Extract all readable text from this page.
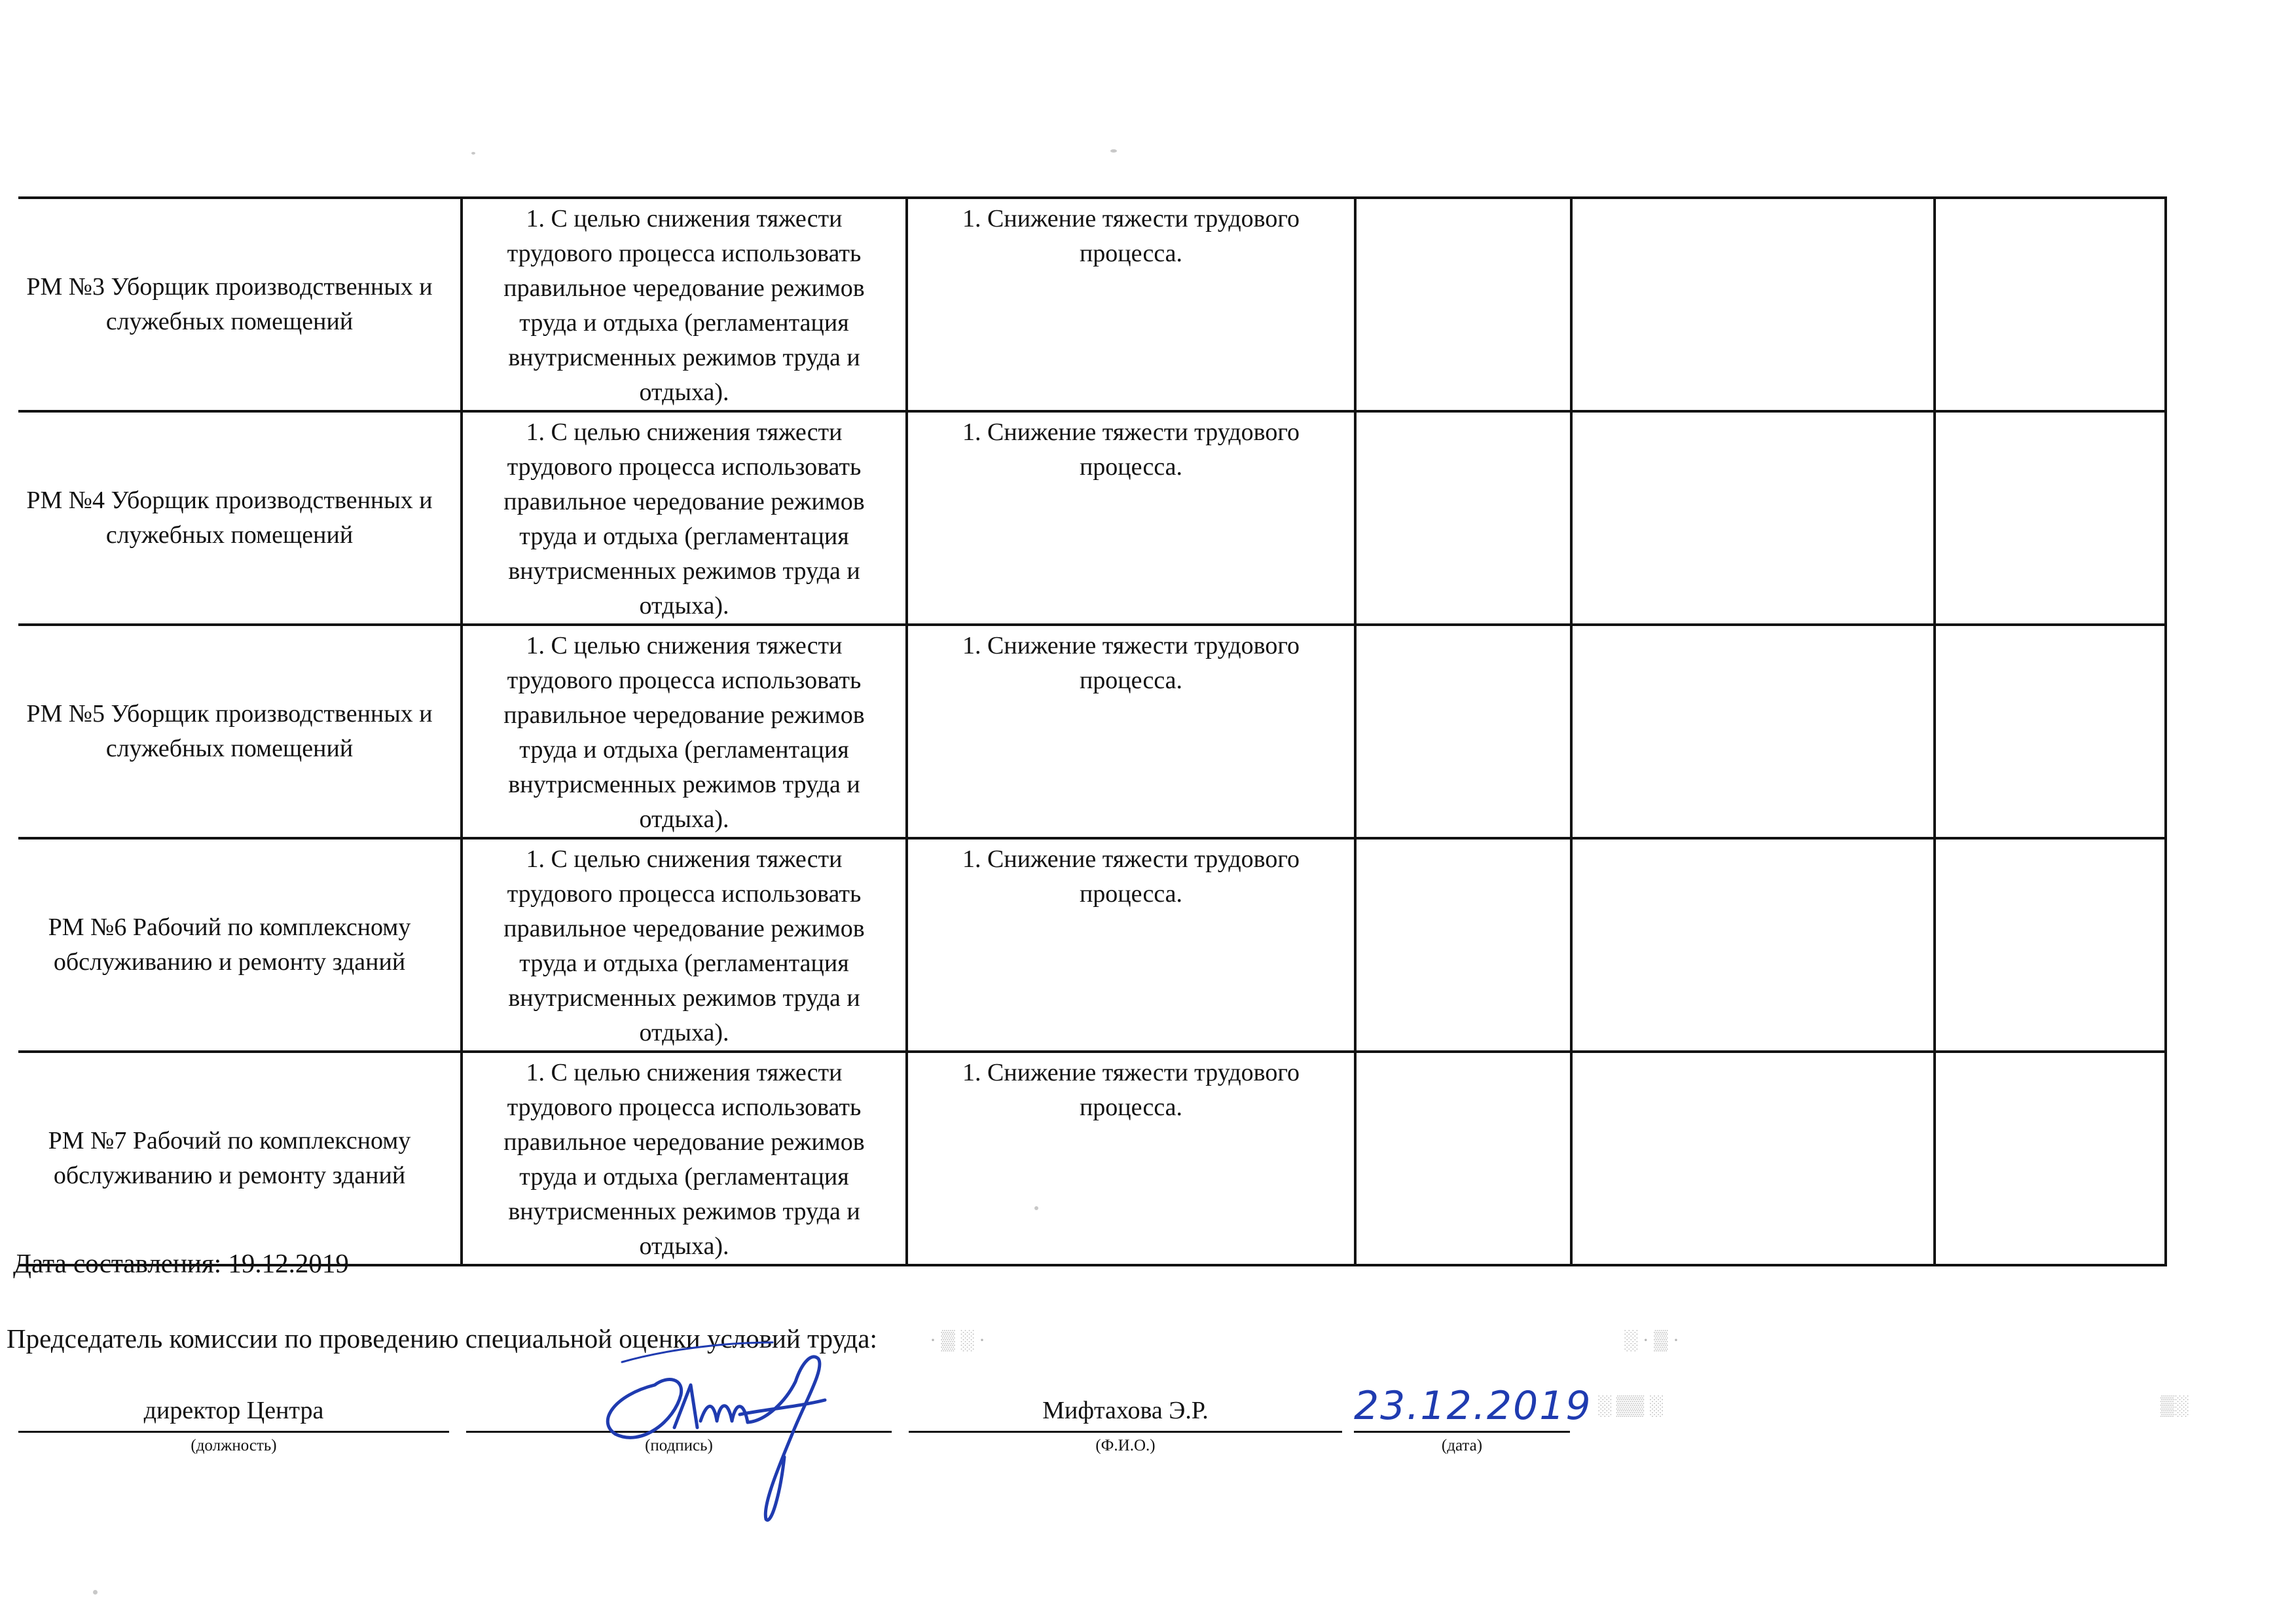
РМ №3 Уборщик производственных и служебных помещений	1. С целью снижения тяжести трудового процесса использовать правильное чередование режимов труда и отдыха (регламентация внутрисменных режимов труда и отдыха).	1. Снижение тяжести трудового процесса.			

РМ №4 Уборщик производственных и служебных помещений	1. С целью снижения тяжести трудового процесса использовать правильное чередование режимов труда и отдыха (регламентация внутрисменных режимов труда и отдыха).	1. Снижение тяжести трудового процесса.			

РМ №5 Уборщик производственных и служебных помещений	1. С целью снижения тяжести трудового процесса использовать правильное чередование режимов труда и отдыха (регламентация внутрисменных режимов труда и отдыха).	1. Снижение тяжести трудового процесса.			

РМ №6 Рабочий по комплексному обслуживанию и ремонту зданий	1. С целью снижения тяжести трудового процесса использовать правильное чередование режимов труда и отдыха (регламентация внутрисменных режимов труда и отдыха).	1. Снижение тяжести трудового процесса.			

РМ №7 Рабочий по комплексному обслуживанию и ремонту зданий	1. С целью снижения тяжести трудового процесса использовать правильное чередование режимов труда и отдыха (регламентация внутрисменных режимов труда и отдыха).	1. Снижение тяжести трудового процесса.			

Дата составления: 19.12.2019
Председатель комиссии по проведению специальной оценки условий труда:
директор Центра
(должность)	(подпись)
Мифтахова Э.Р.
(Ф.И.О.)
23.12.2019
(дата)
░ ▒▒ ░	▒░
· ▒ ░ ·	░ · ▒ ·
